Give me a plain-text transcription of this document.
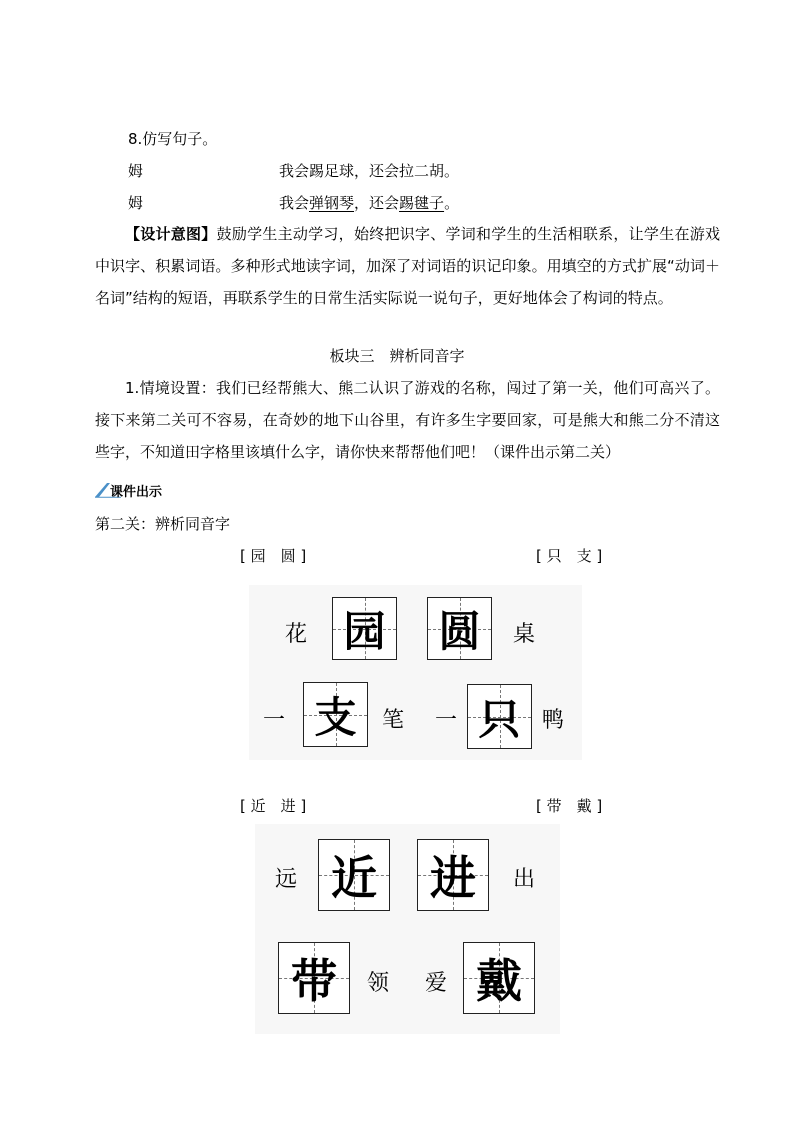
8.仿写句子。
姆	我会踢足球，还会拉二胡。
姆	我会弹钢琴，还会踢毽子。
【设计意图】鼓励学生主动学习，始终把识字、学词和学生的生活相联系，让学生在游戏中识字、积累词语。多种形式地读字词，加深了对词语的识记印象。用填空的方式扩展“动词＋名词”结构的短语，再联系学生的日常生活实际说一说句子，更好地体会了构词的特点。
板块三　辨析同音字
1.情境设置：我们已经帮熊大、熊二认识了游戏的名称，闯过了第一关，他们可高兴了。接下来第二关可不容易，在奇妙的地下山谷里，有许多生字要回家，可是熊大和熊二分不清这些字，不知道田字格里该填什么字，请你快来帮帮他们吧！（课件出示第二关）
课件出示
第二关：辨析同音字
[ 园　圆 ]	[ 只　支 ]
花 园 圆	桌
一 支	笔 一 只 鸭
[ 近　进 ]	[ 带　戴 ]
远 近 进	出
带	领 爱 戴
